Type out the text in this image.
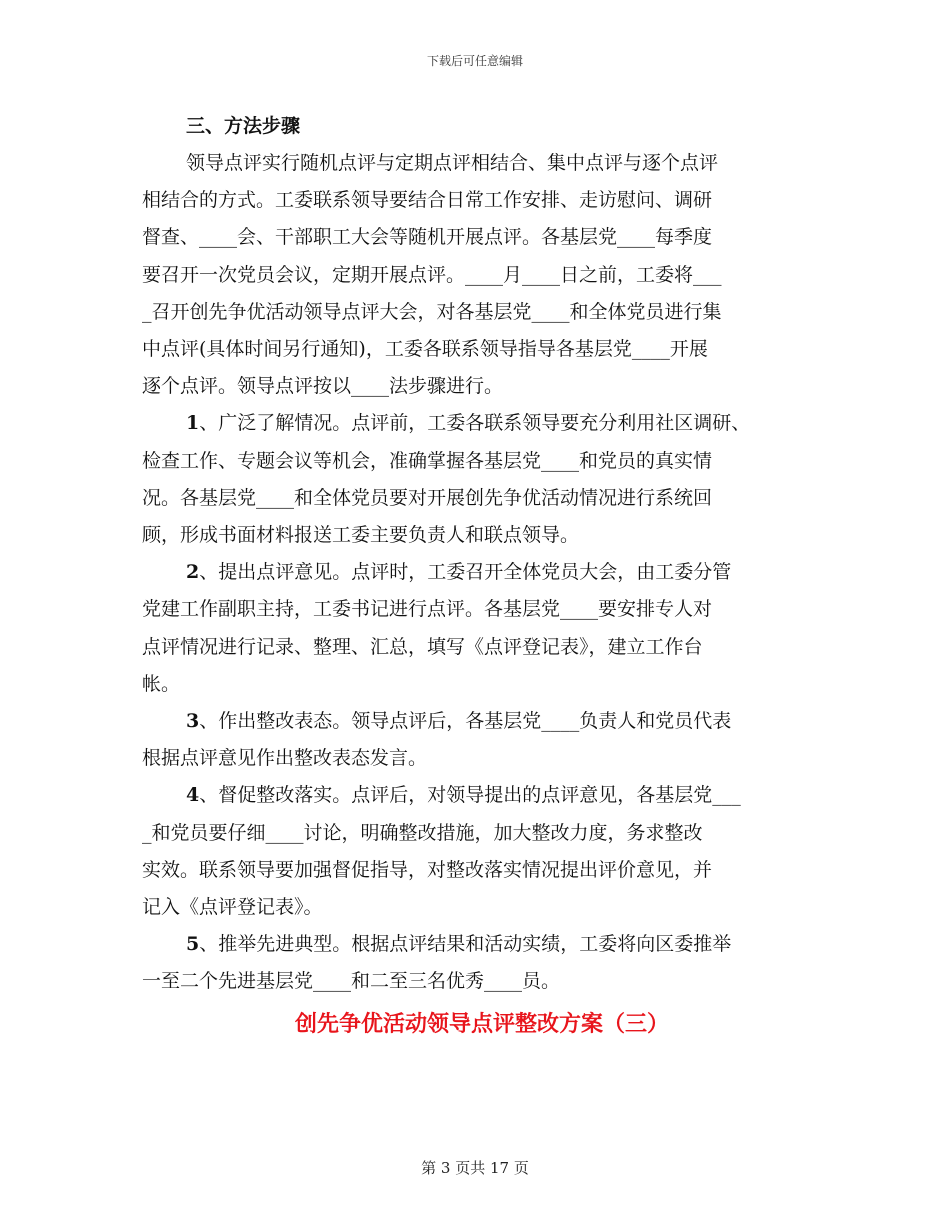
下载后可任意编辑
三、方法步骤
领导点评实行随机点评与定期点评相结合、集中点评与逐个点评
相结合的方式。工委联系领导要结合日常工作安排、走访慰问、调研
督查、____会、干部职工大会等随机开展点评。各基层党____每季度
要召开一次党员会议，定期开展点评。____月____日之前，工委将___
_召开创先争优活动领导点评大会，对各基层党____和全体党员进行集
中点评(具体时间另行通知)，工委各联系领导指导各基层党____开展
逐个点评。领导点评按以____法步骤进行。
1、广泛了解情况。点评前，工委各联系领导要充分利用社区调研、
检查工作、专题会议等机会，准确掌握各基层党____和党员的真实情
况。各基层党____和全体党员要对开展创先争优活动情况进行系统回
顾，形成书面材料报送工委主要负责人和联点领导。
2、提出点评意见。点评时，工委召开全体党员大会，由工委分管
党建工作副职主持，工委书记进行点评。各基层党____要安排专人对
点评情况进行记录、整理、汇总，填写《点评登记表》，建立工作台
帐。
3、作出整改表态。领导点评后，各基层党____负责人和党员代表
根据点评意见作出整改表态发言。
4、督促整改落实。点评后，对领导提出的点评意见，各基层党___
_和党员要仔细____讨论，明确整改措施，加大整改力度，务求整改
实效。联系领导要加强督促指导，对整改落实情况提出评价意见，并
记入《点评登记表》。
5、推举先进典型。根据点评结果和活动实绩，工委将向区委推举
一至二个先进基层党____和二至三名优秀____员。
创先争优活动领导点评整改方案（三）
第 3 页共 17 页
